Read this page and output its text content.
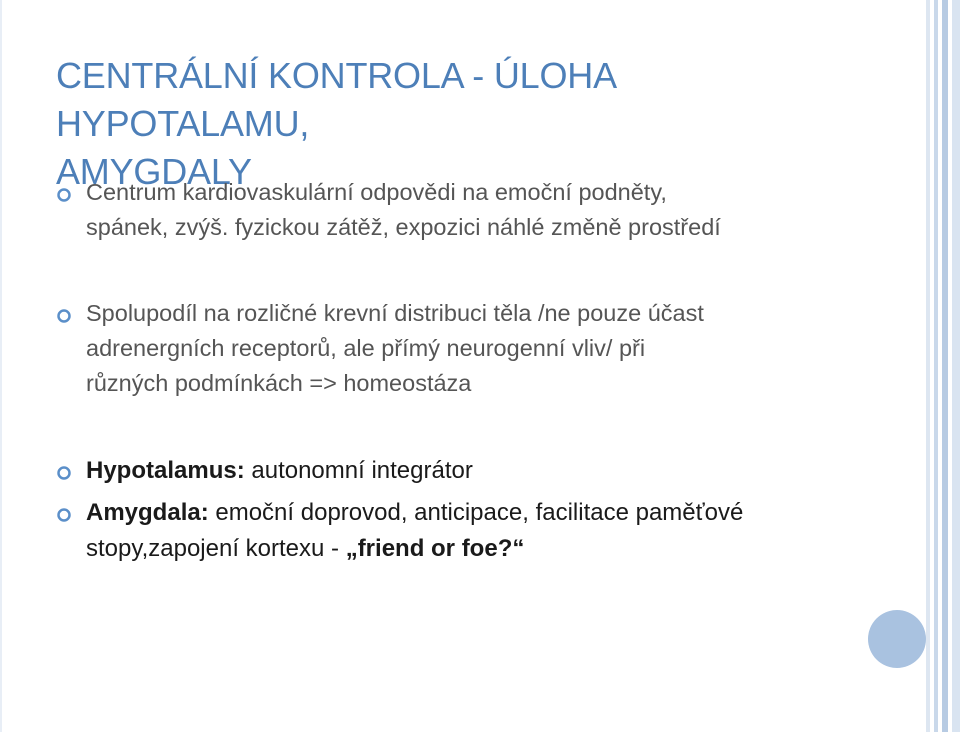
CENTRÁLNÍ KONTROLA - ÚLOHA HYPOTALAMU,
AMYGDALY
Centrum kardiovaskulární odpovědi na emoční podněty,
spánek, zvýš. fyzickou zátěž, expozici náhlé změně prostředí
Spolupodíl na rozličné krevní distribuci těla /ne pouze účast
adrenergních receptorů, ale přímý neurogenní vliv/ při
různých podmínkách => homeostáza
Hypotalamus: autonomní integrátor
Amygdala: emoční doprovod, anticipace, facilitace paměťové
stopy,zapojení kortexu - „friend or foe?“
